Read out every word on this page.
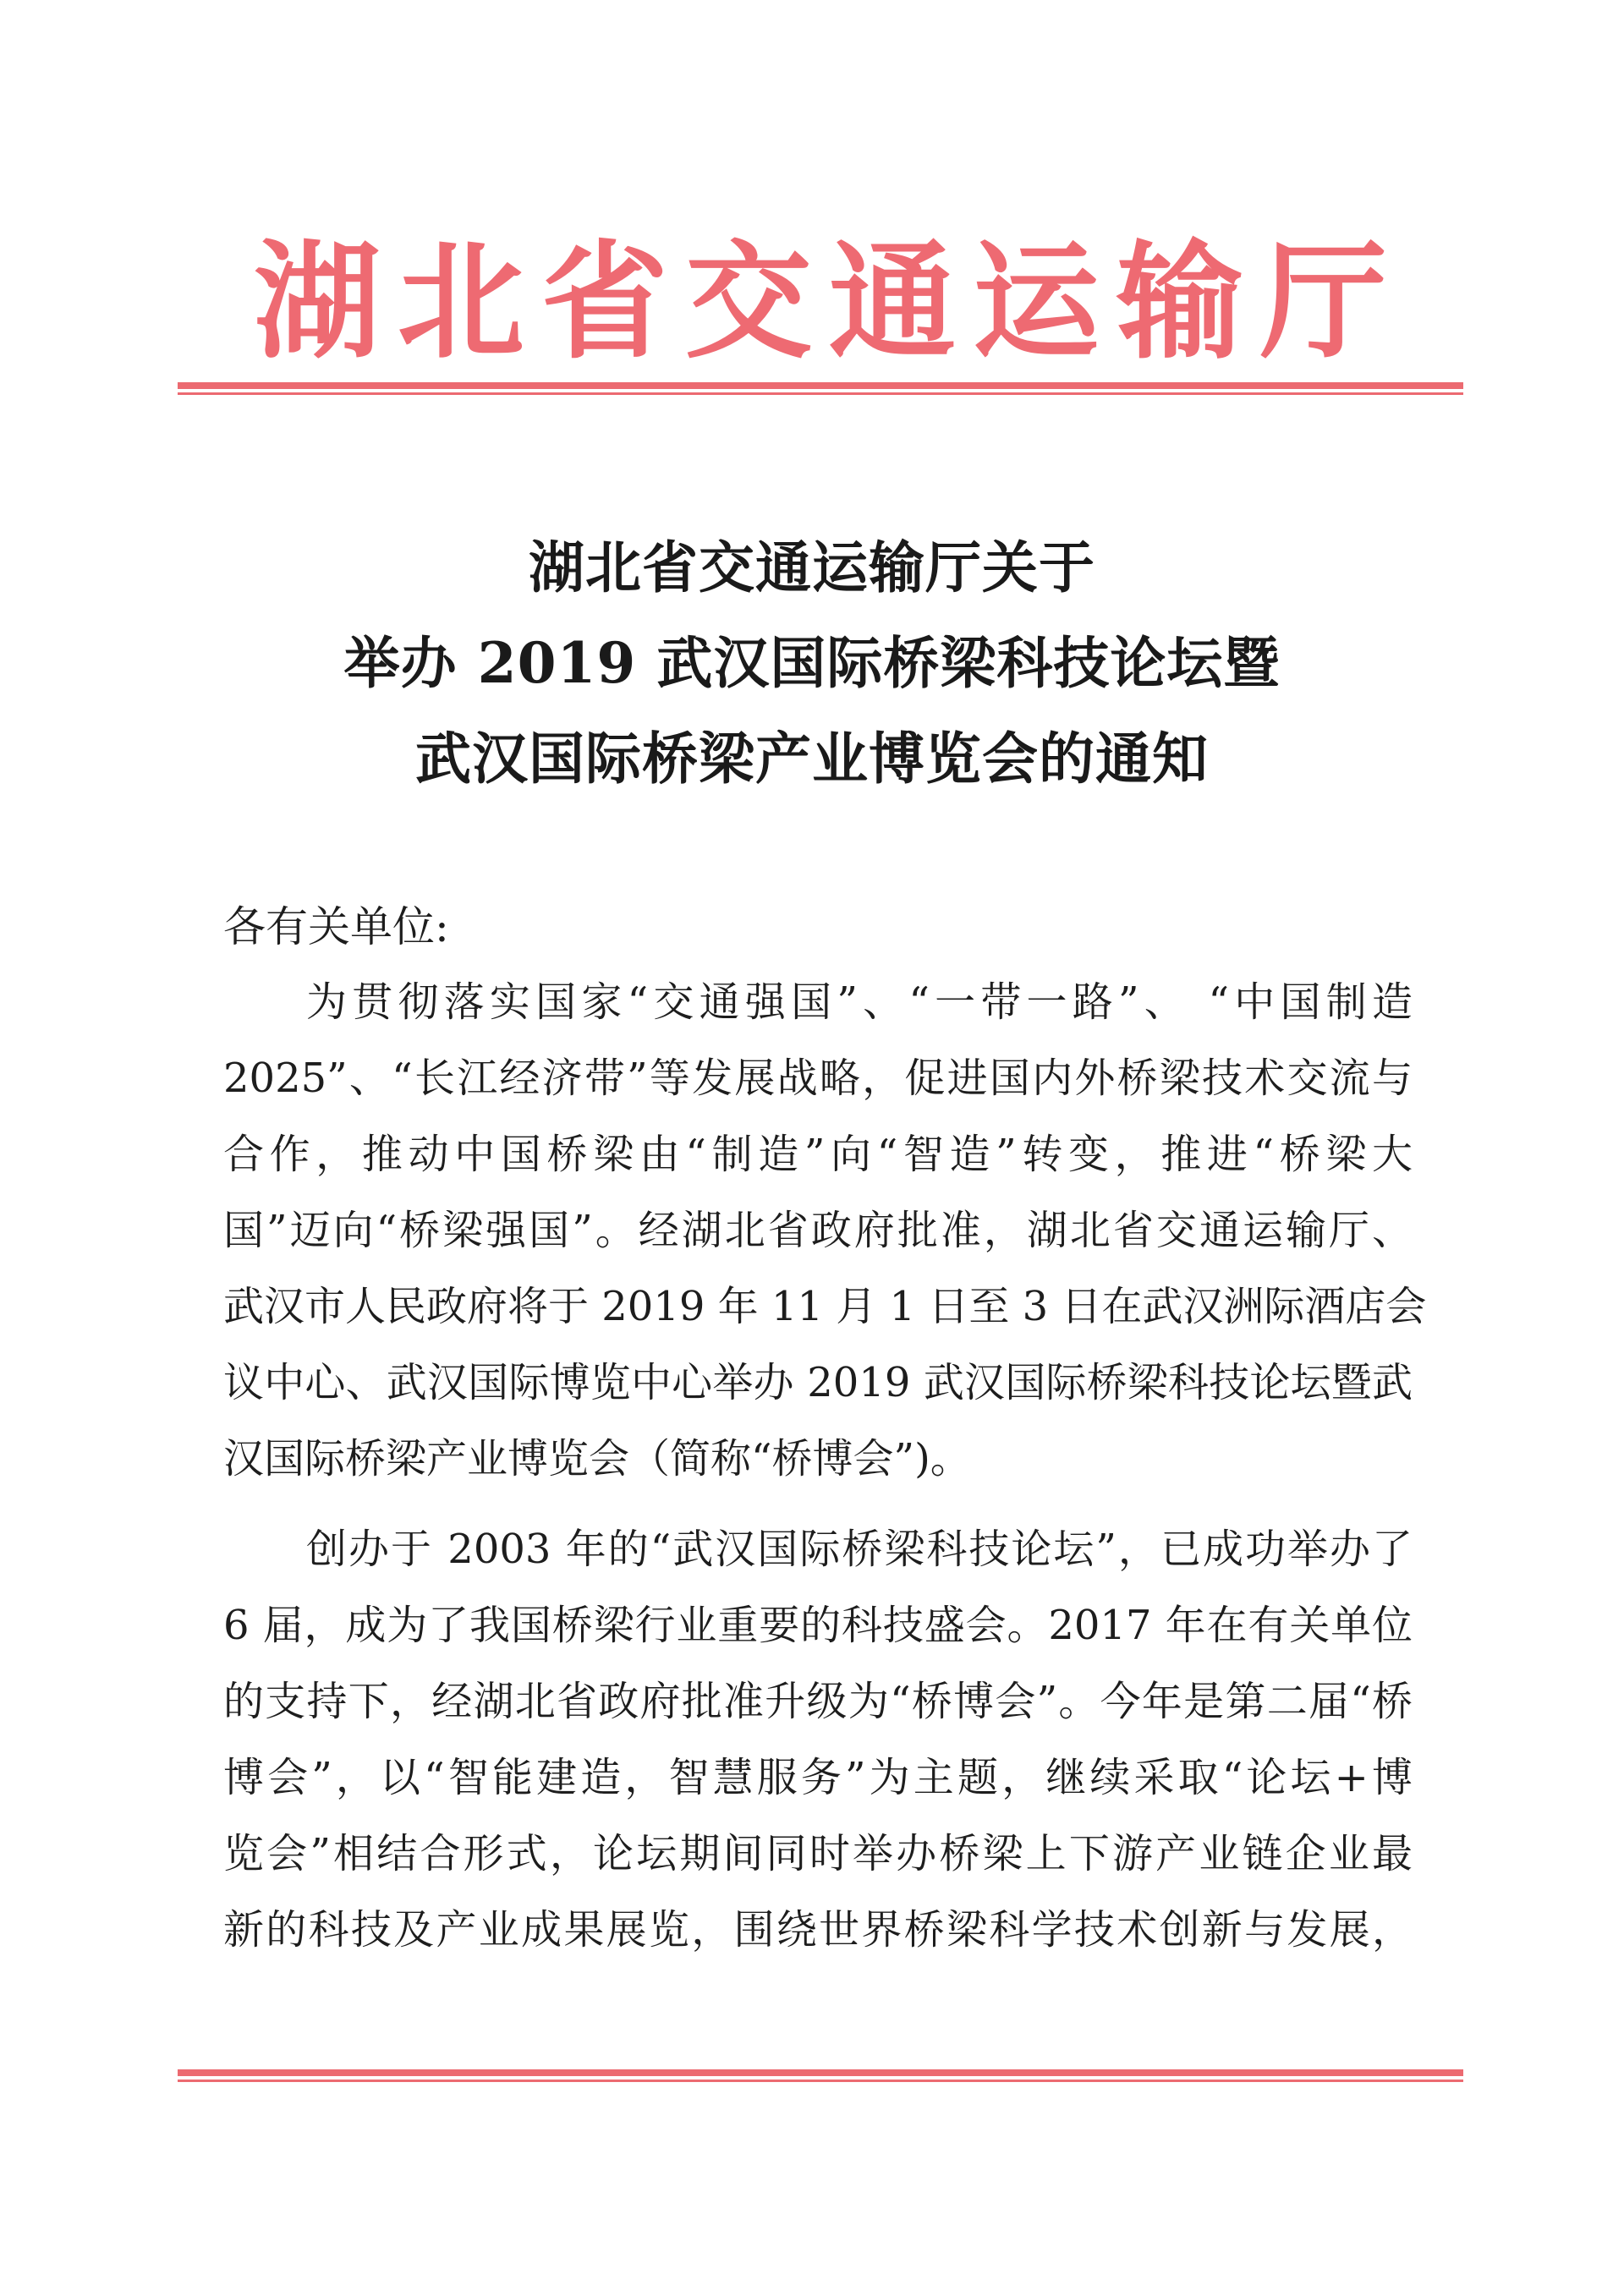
湖 北 省 交 通 运 输 厅
湖北省交通运输厅关于
举办 2019 武汉国际桥梁科技论坛暨
武汉国际桥梁产业博览会的通知
各有关单位:
为贯彻落实国家“交通强国”、“一带一路”、 “中国制造
2025”、“长江经济带”等发展战略，促进国内外桥梁技术交流与
合作，推动中国桥梁由“制造”向“智造”转变，推进“桥梁大
国”迈向“桥梁强国”。经湖北省政府批准，湖北省交通运输厅、
武汉市人民政府将于 2019 年 11 月 1 日至 3 日在武汉洲际酒店会
议中心、武汉国际博览中心举办 2019 武汉国际桥梁科技论坛暨武
汉国际桥梁产业博览会（简称“桥博会”)。
创办于 2003 年的“武汉国际桥梁科技论坛”，已成功举办了
6 届，成为了我国桥梁行业重要的科技盛会。2017 年在有关单位
的支持下，经湖北省政府批准升级为“桥博会”。今年是第二届“桥
博会”，以“智能建造，智慧服务”为主题，继续采取“论坛+博
览会”相结合形式，论坛期间同时举办桥梁上下游产业链企业最
新的科技及产业成果展览，围绕世界桥梁科学技术创新与发展，
